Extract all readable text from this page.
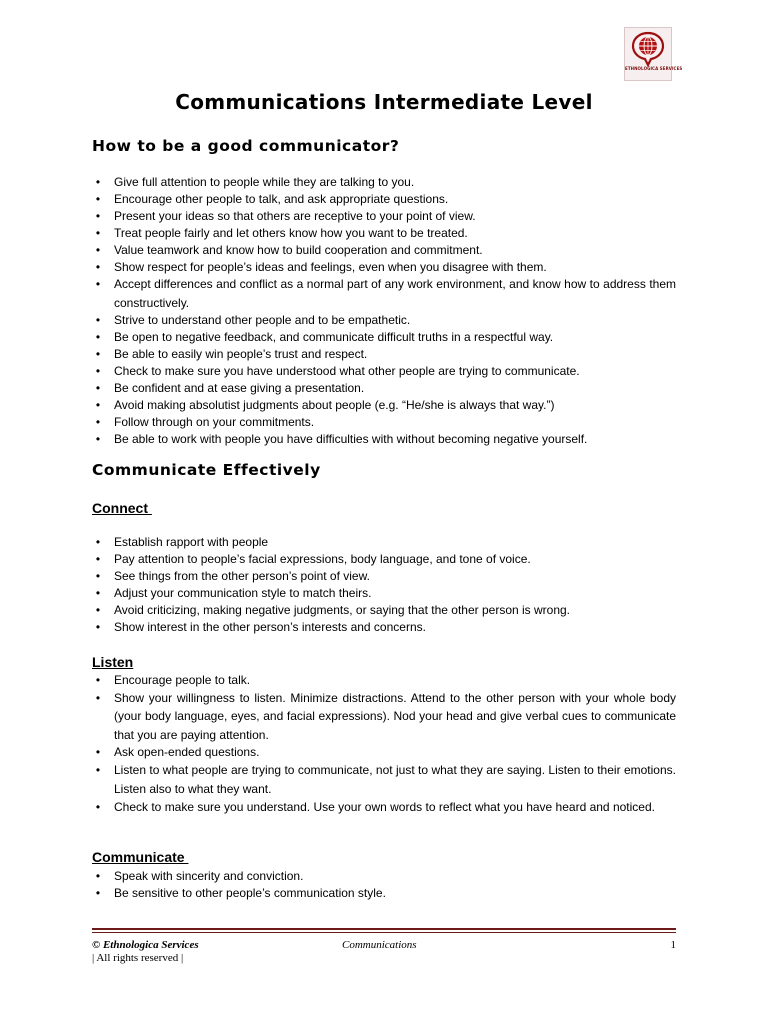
ETHNOLOGICA SERVICES
Communications Intermediate Level
How to be a good communicator?
•	Give full attention to people while they are talking to you.
•	Encourage other people to talk, and ask appropriate questions.
•	Present your ideas so that others are receptive to your point of view.
•	Treat people fairly and let others know how you want to be treated.
•	Value teamwork and know how to build cooperation and commitment.
•	Show respect for people’s ideas and feelings, even when you disagree with them.
•	Accept differences and conflict as a normal part of any work environment, and know how to address them constructively.
•	Strive to understand other people and to be empathetic.
•	Be open to negative feedback, and communicate difficult truths in a respectful way.
•	Be able to easily win people’s trust and respect.
•	Check to make sure you have understood what other people are trying to communicate.
•	Be confident and at ease giving a presentation.
•	Avoid making absolutist judgments about people (e.g. “He/she is always that way.”)
•	Follow through on your commitments.
•	Be able to work with people you have difficulties with without becoming negative yourself.
Communicate Effectively
Connect
•	Establish rapport with people
•	Pay attention to people’s facial expressions, body language, and tone of voice.
•	See things from the other person’s point of view.
•	Adjust your communication style to match theirs.
•	Avoid criticizing, making negative judgments, or saying that the other person is wrong.
•	Show interest in the other person’s interests and concerns.
Listen
•	Encourage people to talk.
•	Show your willingness to listen. Minimize distractions. Attend to the other person with your whole body (your body language, eyes, and facial expressions). Nod your head and give verbal cues to communicate that you are paying attention.
•	Ask open-ended questions.
•	Listen to what people are trying to communicate, not just to what they are saying. Listen to their emotions. Listen also to what they want.
•	Check to make sure you understand. Use your own words to reflect what you have heard and noticed.
Communicate
•	Speak with sincerity and conviction.
•	Be sensitive to other people’s communication style.
© Ethnologica Services	Communications	1
| All rights reserved |
